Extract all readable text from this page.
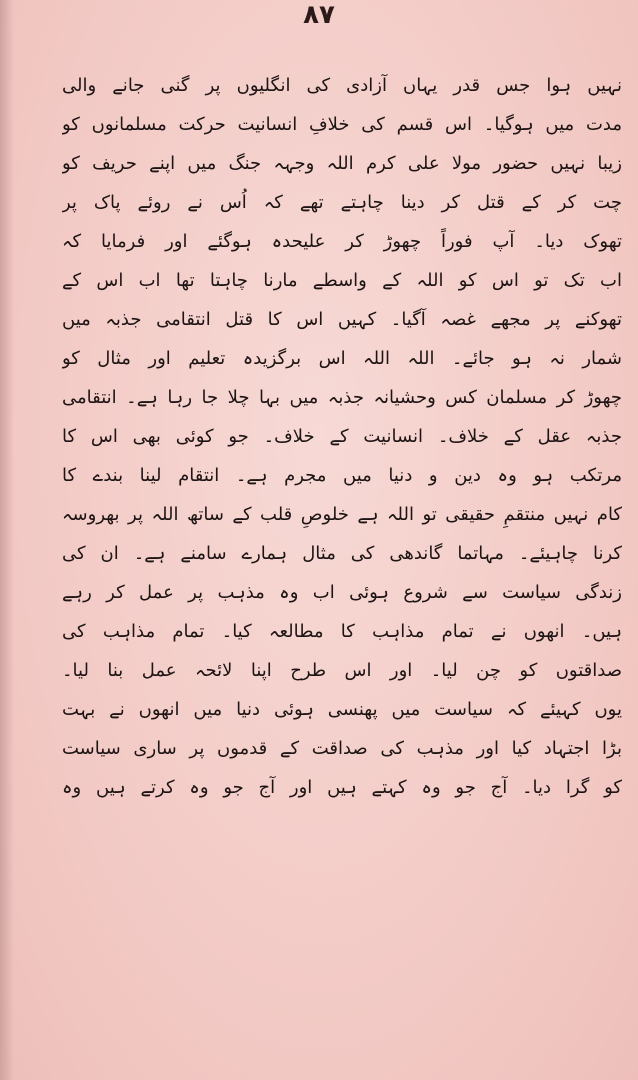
۸۷
نہیں ہوا جس قدر یہاں آزادی کی انگلیوں پر گنی جانے والی
مدت میں ہوگیا۔ اس قسم کی خلافِ انسانیت حرکت مسلمانوں کو
زیبا نہیں حضور مولا علی کرم اللہ وجہہ جنگ میں اپنے حریف کو
چت کر کے قتل کر دینا چاہتے تھے کہ اُس نے روئے پاک پر
تھوک دیا۔ آپ فوراً چھوڑ کر علیحدہ ہوگئے اور فرمایا کہ
اب تک تو اس کو اللہ کے واسطے مارنا چاہتا تھا اب اس کے
تھوکنے پر مجھے غصہ آگیا۔ کہیں اس کا قتل انتقامی جذبہ میں
شمار نہ ہو جائے۔ اللہ اللہ اس برگزیدہ تعلیم اور مثال کو
چھوڑ کر مسلمان کس وحشیانہ جذبہ میں بہا چلا جا رہا ہے۔ انتقامی
جذبہ عقل کے خلاف۔ انسانیت کے خلاف۔ جو کوئی بھی اس کا
مرتکب ہو وہ دین و دنیا میں مجرم ہے۔ انتقام لینا بندے کا
کام نہیں منتقمِ حقیقی تو اللہ ہے خلوصِ قلب کے ساتھ اللہ پر بھروسہ
کرنا چاہیئے۔ مہاتما گاندھی کی مثال ہمارے سامنے ہے۔ ان کی
زندگی سیاست سے شروع ہوئی اب وہ مذہب پر عمل کر رہے
ہیں۔ انھوں نے تمام مذاہب کا مطالعہ کیا۔ تمام مذاہب کی
صداقتوں کو چن لیا۔ اور اس طرح اپنا لائحہ عمل بنا لیا۔
یوں کہیئے کہ سیاست میں پھنسی ہوئی دنیا میں انھوں نے بہت
بڑا اجتہاد کیا اور مذہب کی صداقت کے قدموں پر ساری سیاست
کو گرا دیا۔ آج جو وہ کہتے ہیں اور آج جو وہ کرتے ہیں وہ
